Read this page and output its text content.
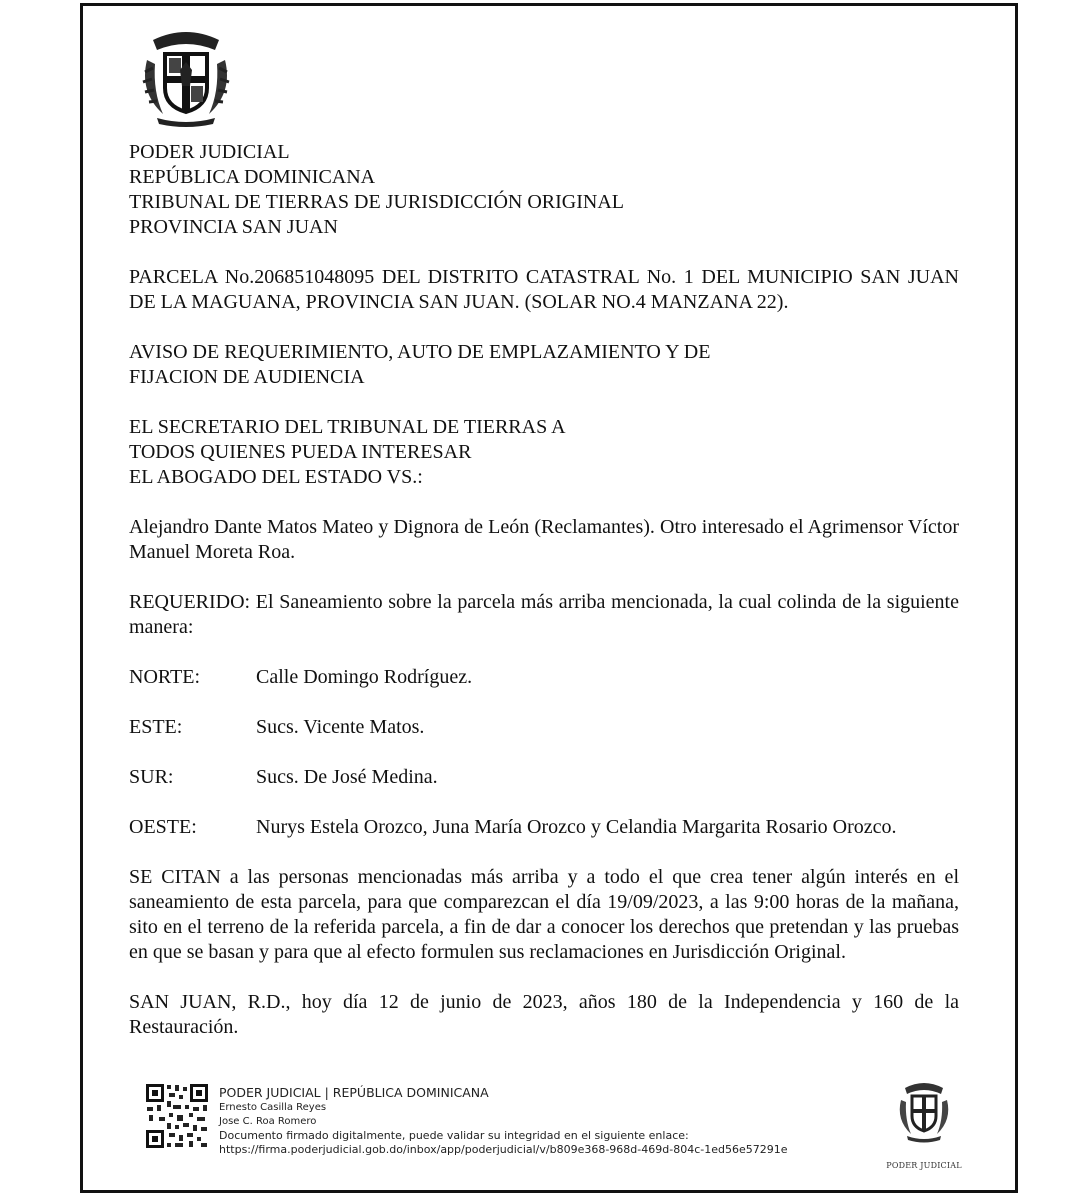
PODER JUDICIAL
REPÚBLICA DOMINICANA
TRIBUNAL DE TIERRAS DE JURISDICCIÓN ORIGINAL
PROVINCIA SAN JUAN

PARCELA No.206851048095 DEL DISTRITO CATASTRAL No. 1 DEL MUNICIPIO SAN JUAN DE LA MAGUANA, PROVINCIA SAN JUAN. (SOLAR NO.4 MANZANA 22).

AVISO DE REQUERIMIENTO, AUTO DE EMPLAZAMIENTO Y DE
FIJACION DE AUDIENCIA
EL SECRETARIO DEL TRIBUNAL DE TIERRAS A
TODOS QUIENES PUEDA INTERESAR
EL ABOGADO DEL ESTADO VS.:

Alejandro Dante Matos Mateo y Dignora de León (Reclamantes). Otro interesado el Agrimensor Víctor Manuel Moreta Roa.

REQUERIDO: El Saneamiento sobre la parcela más arriba mencionada, la cual colinda de la siguiente manera:

NORTE:	Calle Domingo Rodríguez.
ESTE:	Sucs. Vicente Matos.
SUR:	Sucs. De José Medina.
OESTE:	Nurys Estela Orozco, Juna María Orozco y Celandia Margarita Rosario Orozco.

SE CITAN a las personas mencionadas más arriba y a todo el que crea tener algún interés en el saneamiento de esta parcela, para que comparezcan el día 19/09/2023, a las 9:00 horas de la mañana, sito en el terreno de la referida parcela, a fin de dar a conocer los derechos que pretendan y las pruebas en que se basan y para que al efecto formulen sus reclamaciones en Jurisdicción Original.

SAN JUAN, R.D., hoy día 12 de junio de 2023, años 180 de la Independencia y 160 de la Restauración.

PODER JUDICIAL | REPÚBLICA DOMINICANA
Ernesto Casilla Reyes
Jose C. Roa Romero
Documento firmado digitalmente, puede validar su integridad en el siguiente enlace:
https://firma.poderjudicial.gob.do/inbox/app/poderjudicial/v/b809e368-968d-469d-804c-1ed56e57291e
PODER JUDICIAL
